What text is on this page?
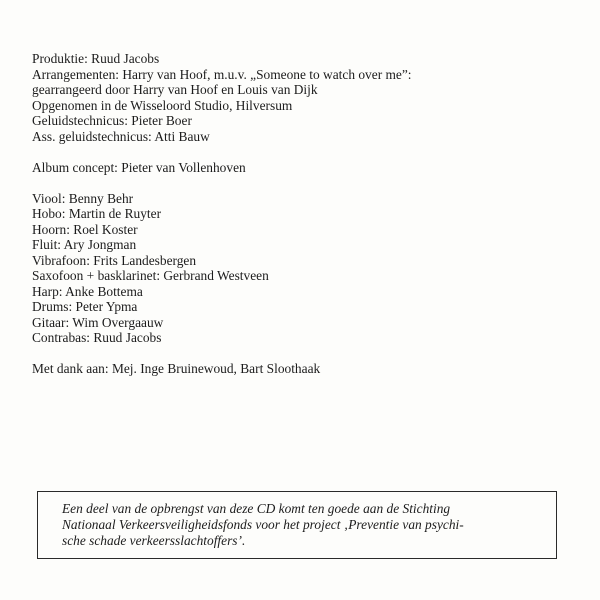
Produktie: Ruud Jacobs
Arrangementen: Harry van Hoof, m.u.v. „Someone to watch over me”:
gearrangeerd door Harry van Hoof en Louis van Dijk
Opgenomen in de Wisseloord Studio, Hilversum
Geluidstechnicus: Pieter Boer
Ass. geluidstechnicus: Atti Bauw
Album concept: Pieter van Vollenhoven
Viool: Benny Behr
Hobo: Martin de Ruyter
Hoorn: Roel Koster
Fluit: Ary Jongman
Vibrafoon: Frits Landesbergen
Saxofoon + basklarinet: Gerbrand Westveen
Harp: Anke Bottema
Drums: Peter Ypma
Gitaar: Wim Overgaauw
Contrabas: Ruud Jacobs
Met dank aan: Mej. Inge Bruinewoud, Bart Sloothaak
Een deel van de opbrengst van deze CD komt ten goede aan de Stichting
Nationaal Verkeersveiligheidsfonds voor het project ‚Preventie van psychi-
sche schade verkeersslachtoffers’.
